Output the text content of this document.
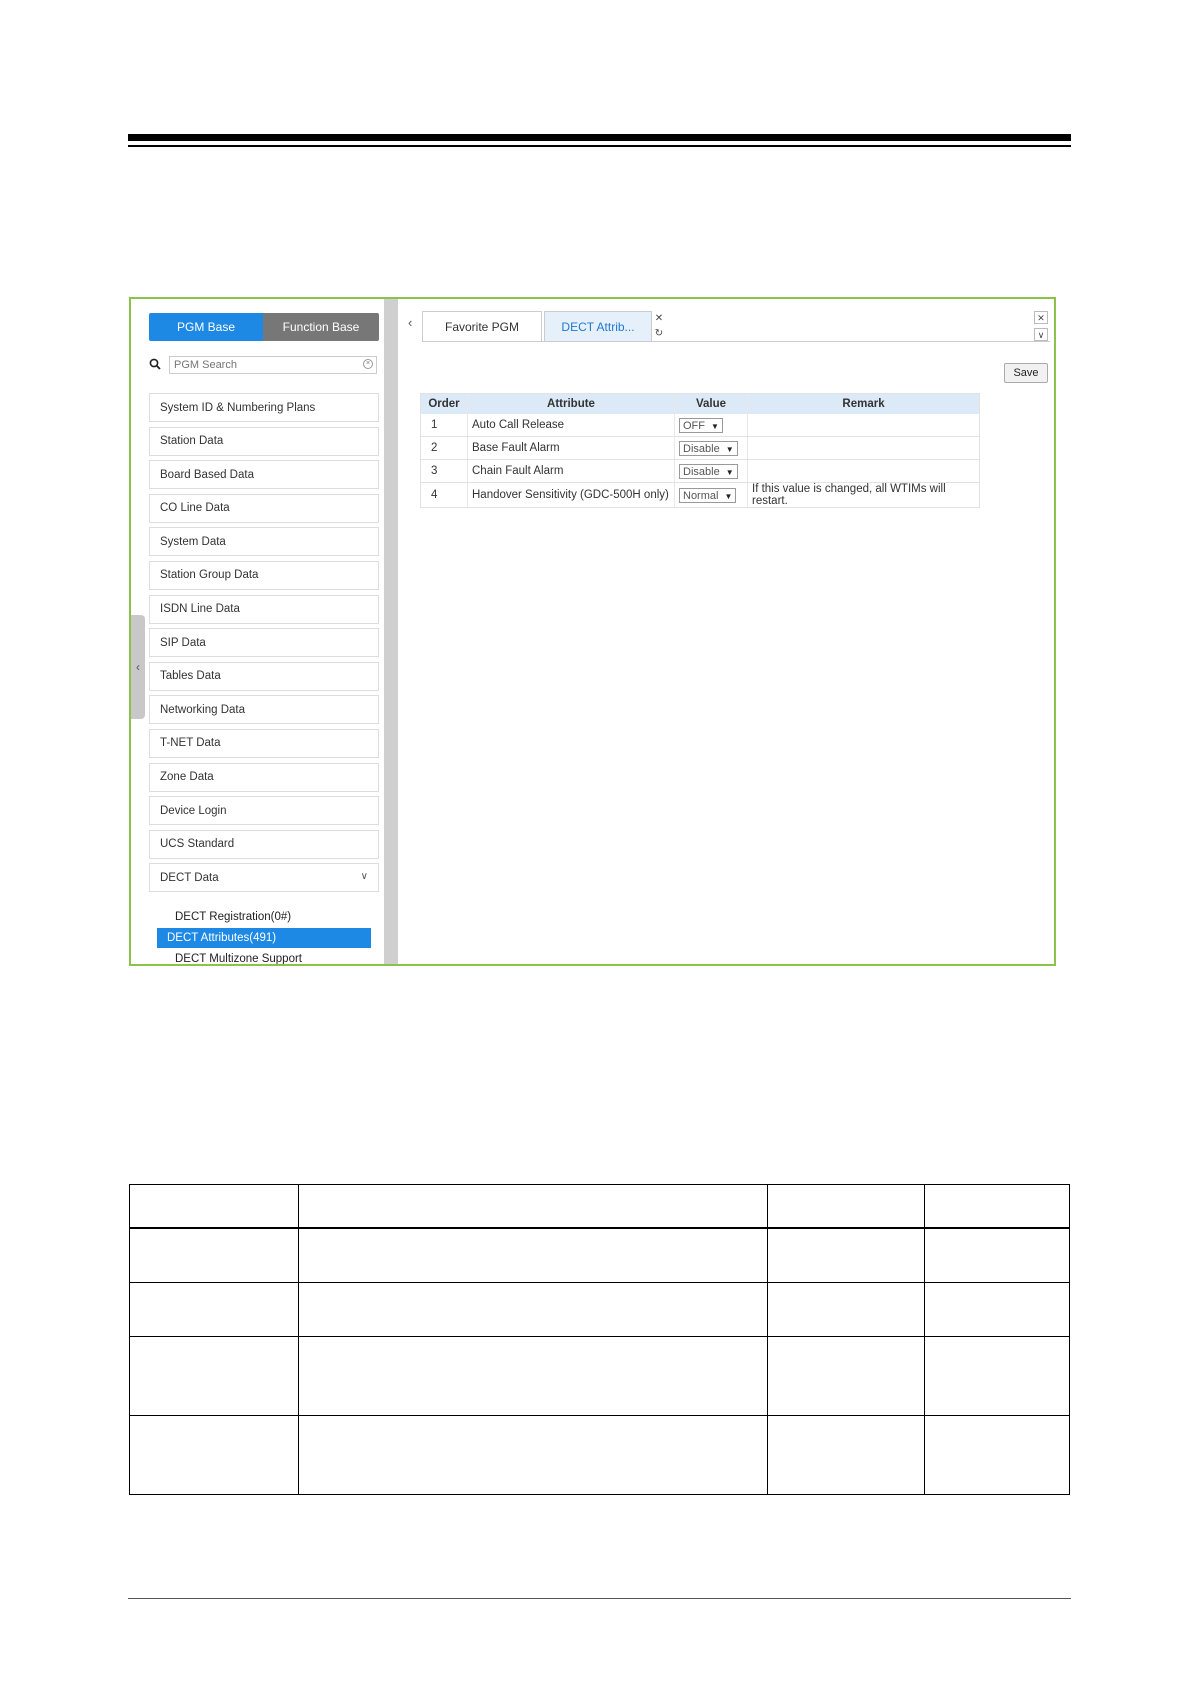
PGM Base	Function Base
PGM Search
×
System ID & Numbering Plans
Station Data
Board Based Data
CO Line Data
System Data
Station Group Data
ISDN Line Data
SIP Data
Tables Data
Networking Data
T-NET Data
Zone Data
Device Login
UCS Standard
DECT Data	∨
DECT Registration(0#)
DECT Attributes(491)
DECT Multizone Support
‹
‹	Favorite PGM	DECT Attrib...
✕
↻
✕
∨
Save
Order	Attribute	Value	Remark
1	Auto Call Release	OFF ▼	
2	Base Fault Alarm	Disable ▼	
3	Chain Fault Alarm	Disable ▼	
4	Handover Sensitivity (GDC-500H only)	Normal ▼	If this value is changed, all WTIMs will restart.
